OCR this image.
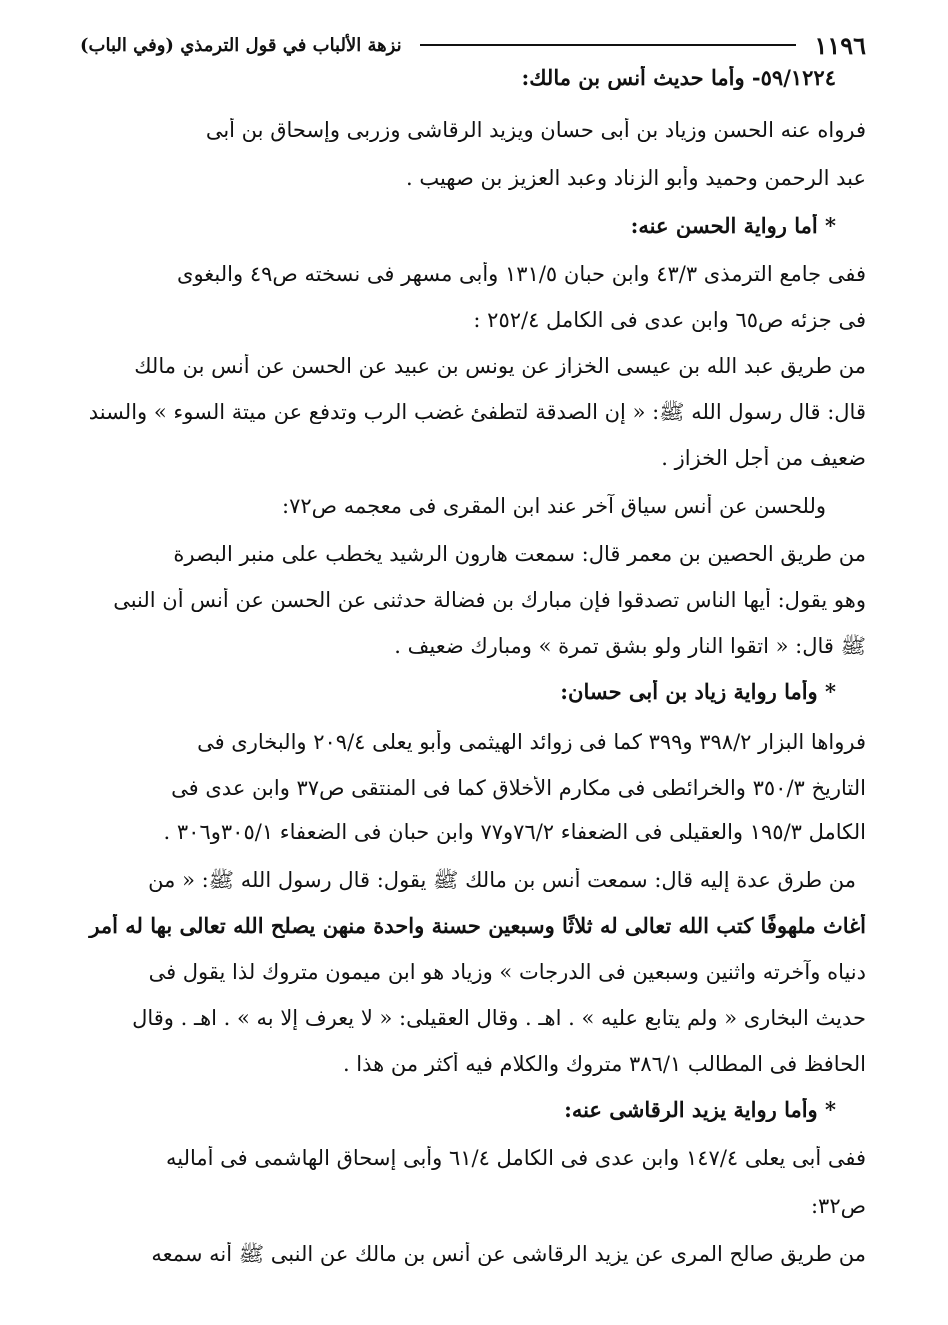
١١٩٦
نزهة الألباب في قول الترمذي (وفي الباب)

٥٩/١٢٢٤- وأما حديث أنس بن مالك:

فرواه عنه الحسن وزياد بن أبى حسان ويزيد الرقاشى وزربى وإسحاق بن أبى

عبد الرحمن وحميد وأبو الزناد وعبد العزيز بن صهيب .

* أما رواية الحسن عنه:

ففى جامع الترمذى ٤٣/٣ وابن حبان ١٣١/٥ وأبى مسهر فى نسخته ص٤٩ والبغوى

فى جزئه ص٦٥ وابن عدى فى الكامل ٢٥٢/٤ :

من طريق عبد الله بن عيسى الخزاز عن يونس بن عبيد عن الحسن عن أنس بن مالك

قال: قال رسول الله ﷺ: « إن الصدقة لتطفئ غضب الرب وتدفع عن ميتة السوء » والسند

ضعيف من أجل الخزاز .

وللحسن عن أنس سياق آخر عند ابن المقرى فى معجمه ص٧٢:

من طريق الحصين بن معمر قال: سمعت هارون الرشيد يخطب على منبر البصرة

وهو يقول: أيها الناس تصدقوا فإن مبارك بن فضالة حدثنى عن الحسن عن أنس أن النبى

ﷺ قال: « اتقوا النار ولو بشق تمرة » ومبارك ضعيف .

* وأما رواية زياد بن أبى حسان:

فرواها البزار ٣٩٨/٢ و٣٩٩ كما فى زوائد الهيثمى وأبو يعلى ٢٠٩/٤ والبخارى فى

التاريخ ٣٥٠/٣ والخرائطى فى مكارم الأخلاق كما فى المنتقى ص٣٧ وابن عدى فى

الكامل ١٩٥/٣ والعقيلى فى الضعفاء ٧٦/٢و٧٧ وابن حبان فى الضعفاء ٣٠٥/١و٣٠٦ .

من طرق عدة إليه قال: سمعت أنس بن مالك ﷺ يقول: قال رسول الله ﷺ: « من

أغاث ملهوفًا كتب الله تعالى له ثلاثًا وسبعين حسنة واحدة منهن يصلح الله تعالى بها له أمر

دنياه وآخرته واثنين وسبعين فى الدرجات » وزياد هو ابن ميمون متروك لذا يقول فى

حديث البخارى « ولم يتابع عليه » . اهـ . وقال العقيلى: « لا يعرف إلا به » . اهـ . وقال

الحافظ فى المطالب ٣٨٦/١ متروك والكلام فيه أكثر من هذا .

* وأما رواية يزيد الرقاشى عنه:

ففى أبى يعلى ١٤٧/٤ وابن عدى فى الكامل ٦١/٤ وأبى إسحاق الهاشمى فى أماليه

ص٣٢:

من طريق صالح المرى عن يزيد الرقاشى عن أنس بن مالك عن النبى ﷺ أنه سمعه
